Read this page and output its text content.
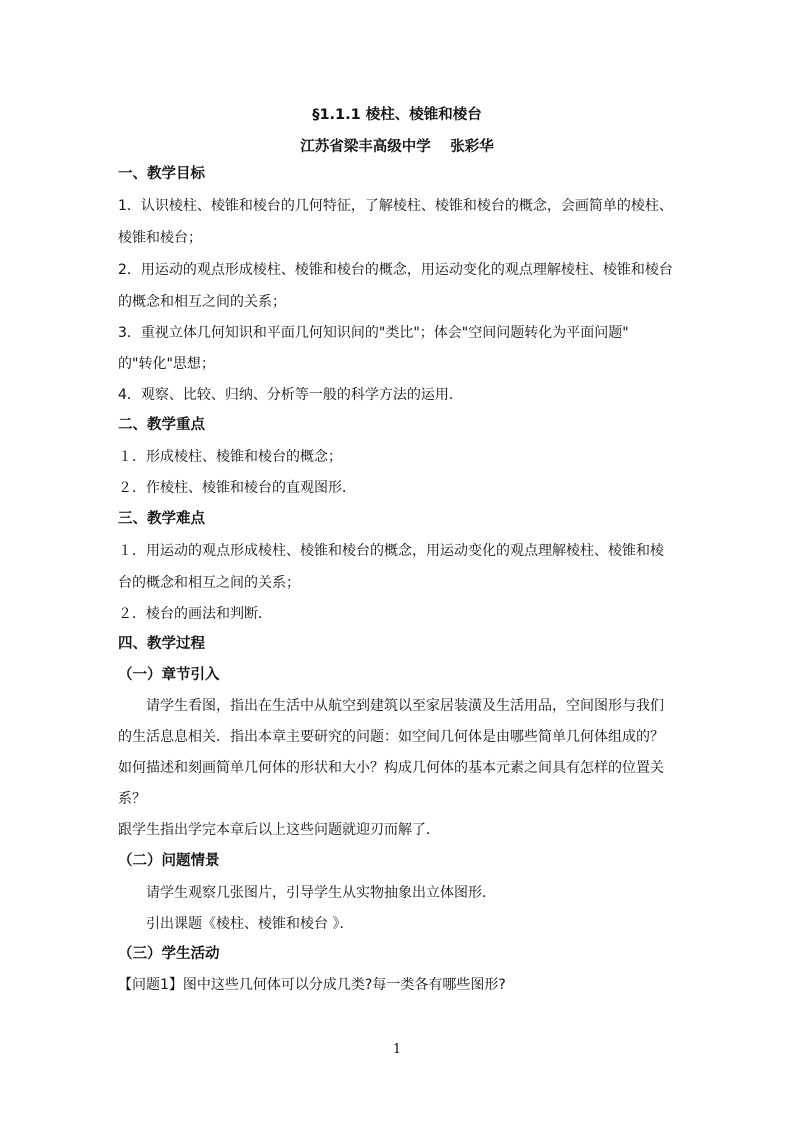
§1.1.1 棱柱、棱锥和棱台
江苏省梁丰高级中学　 张彩华
一、教学目标
1．认识棱柱、棱锥和棱台的几何特征，了解棱柱、棱锥和棱台的概念，会画简单的棱柱、
棱锥和棱台；
2．用运动的观点形成棱柱、棱锥和棱台的概念，用运动变化的观点理解棱柱、棱锥和棱台
的概念和相互之间的关系；
3．重视立体几何知识和平面几何知识间的"类比"；体会"空间问题转化为平面问题"
的"转化"思想；
4．观察、比较、归纳、分析等一般的科学方法的运用．
二、教学重点
１．形成棱柱、棱锥和棱台的概念；
２．作棱柱、棱锥和棱台的直观图形．
三、教学难点
１．用运动的观点形成棱柱、棱锥和棱台的概念，用运动变化的观点理解棱柱、棱锥和棱
台的概念和相互之间的关系；
２．棱台的画法和判断．
四、教学过程
（一）章节引入
请学生看图，指出在生活中从航空到建筑以至家居装潢及生活用品，空间图形与我们
的生活息息相关．指出本章主要研究的问题：如空间几何体是由哪些简单几何体组成的？
如何描述和刻画简单几何体的形状和大小？构成几何体的基本元素之间具有怎样的位置关
系？
跟学生指出学完本章后以上这些问题就迎刃而解了．
（二）问题情景
请学生观察几张图片，引导学生从实物抽象出立体图形．
引出课题《棱柱、棱锥和棱台 》．
（三）学生活动
【问题1】图中这些几何体可以分成几类?每一类各有哪些图形?
1
